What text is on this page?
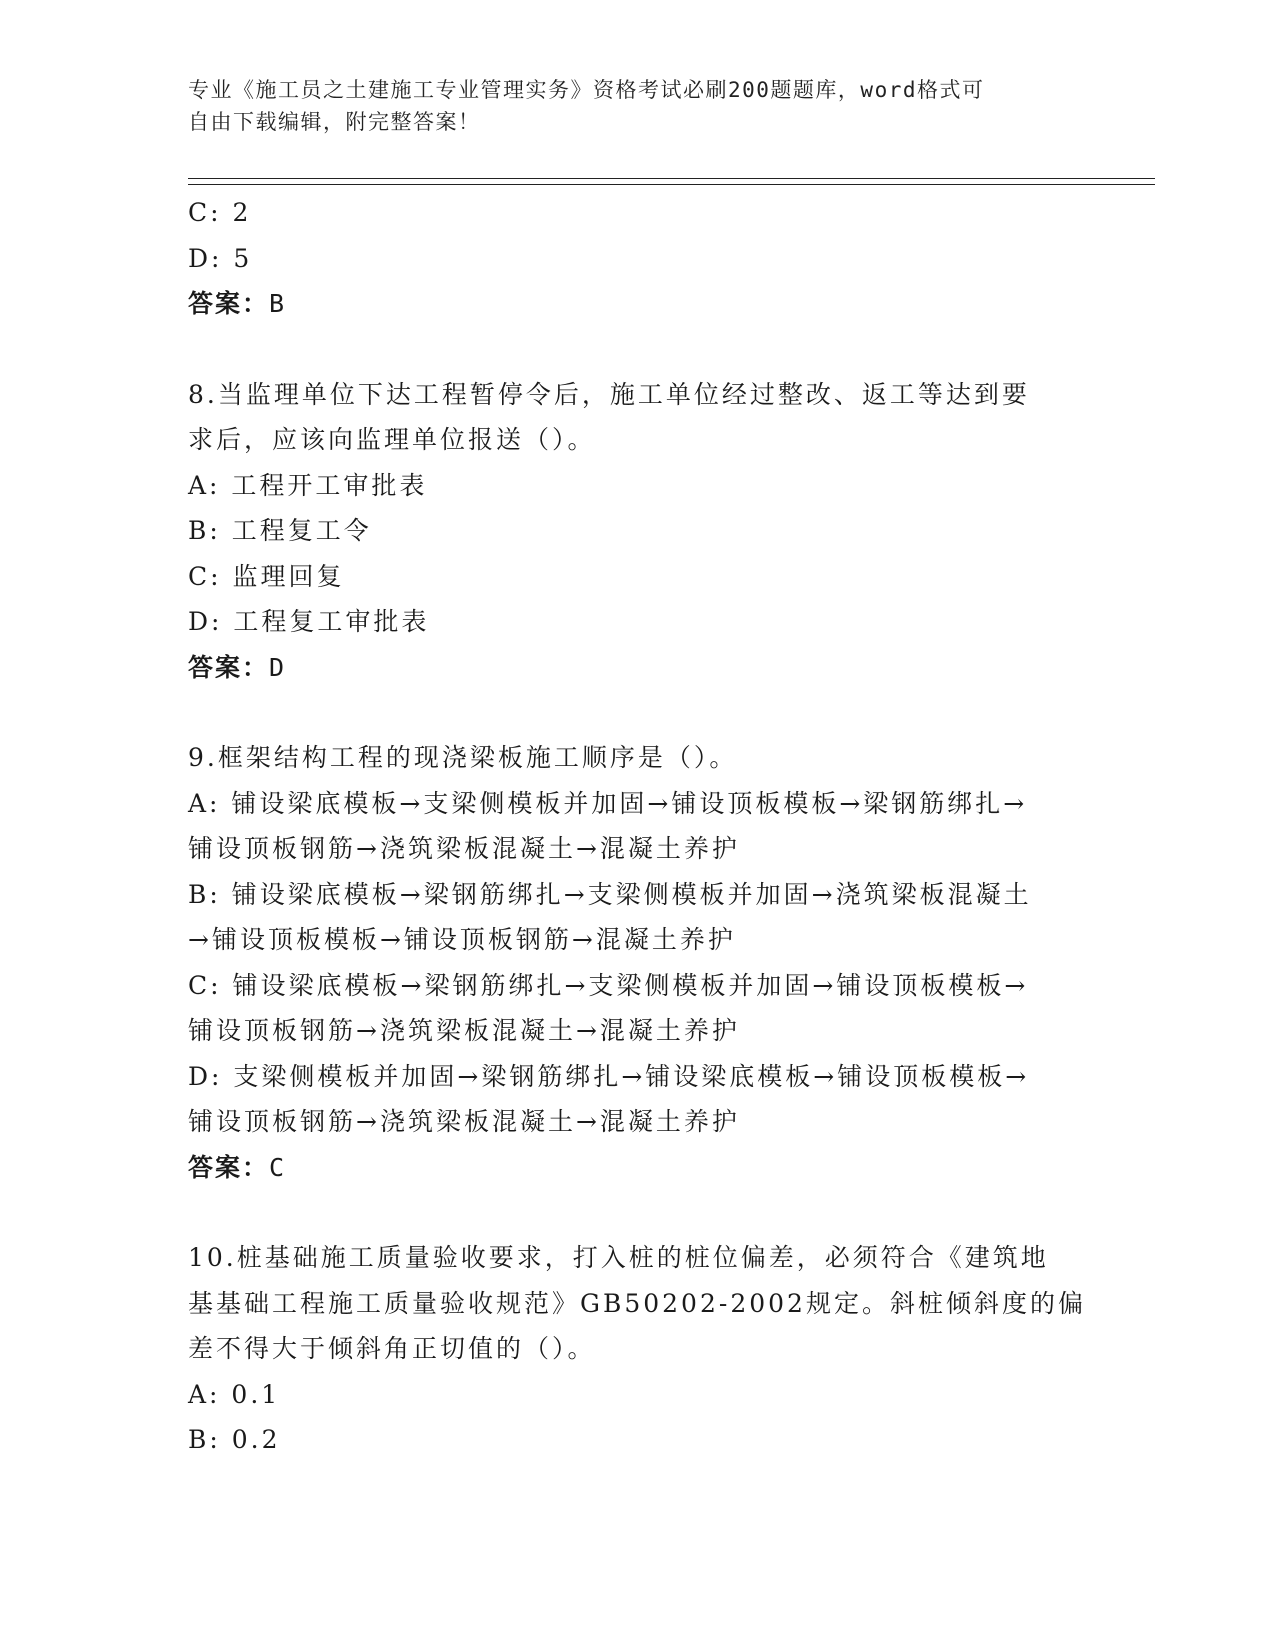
专业《施工员之土建施工专业管理实务》资格考试必刷200题题库，word格式可
自由下载编辑，附完整答案！
C: 2
D: 5
答案：B
8.当监理单位下达工程暂停令后，施工单位经过整改、返工等达到要
求后，应该向监理单位报送（）。
A: 工程开工审批表
B: 工程复工令
C: 监理回复
D: 工程复工审批表
答案：D
9.框架结构工程的现浇梁板施工顺序是（）。
A: 铺设梁底模板→支梁侧模板并加固→铺设顶板模板→梁钢筋绑扎→
铺设顶板钢筋→浇筑梁板混凝土→混凝土养护
B: 铺设梁底模板→梁钢筋绑扎→支梁侧模板并加固→浇筑梁板混凝土
→铺设顶板模板→铺设顶板钢筋→混凝土养护
C: 铺设梁底模板→梁钢筋绑扎→支梁侧模板并加固→铺设顶板模板→
铺设顶板钢筋→浇筑梁板混凝土→混凝土养护
D: 支梁侧模板并加固→梁钢筋绑扎→铺设梁底模板→铺设顶板模板→
铺设顶板钢筋→浇筑梁板混凝土→混凝土养护
答案：C
10.桩基础施工质量验收要求，打入桩的桩位偏差，必须符合《建筑地
基基础工程施工质量验收规范》GB50202-2002规定。斜桩倾斜度的偏
差不得大于倾斜角正切值的（）。
A: 0.1
B: 0.2
